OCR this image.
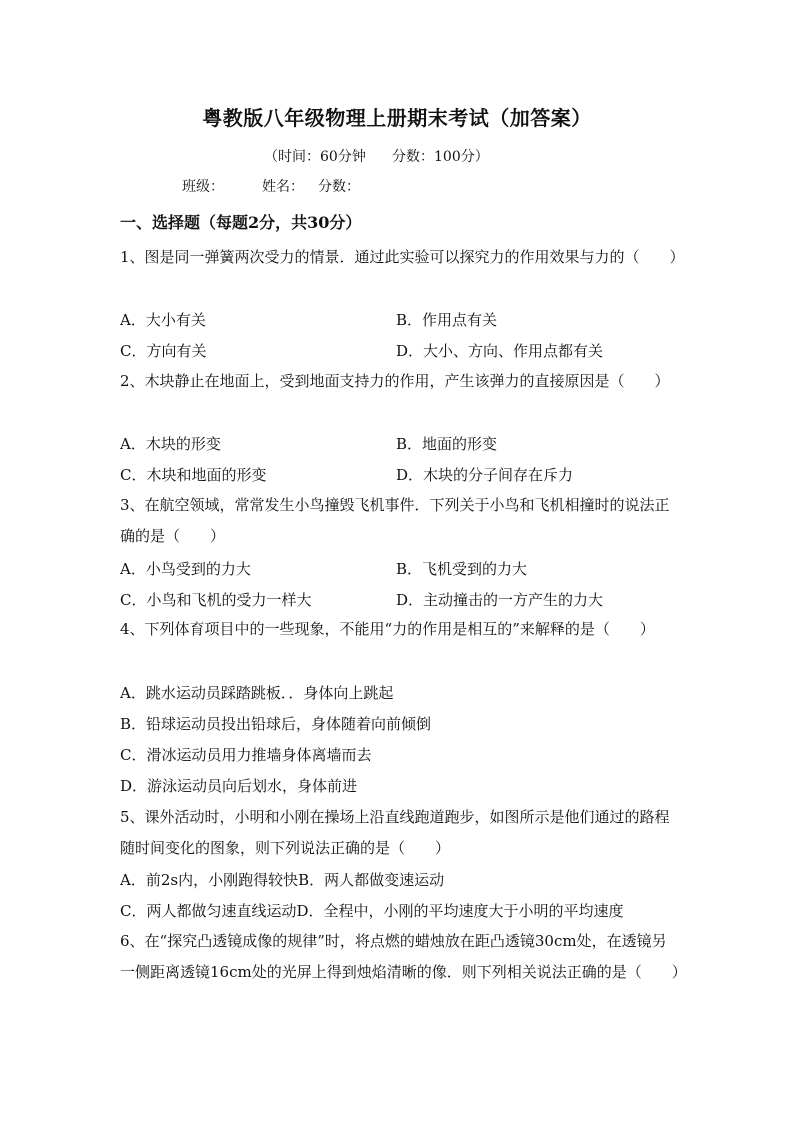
粤教版八年级物理上册期末考试（加答案）
（时间：60分钟 分数：100分）
班级：	姓名： 分数：
一、选择题（每题2分，共30分）
1、图是同一弹簧两次受力的情景．通过此实验可以探究力的作用效果与力的（　　）
A．大小有关	B．作用点有关
C．方向有关	D．大小、方向、作用点都有关
2、木块静止在地面上，受到地面支持力的作用，产生该弹力的直接原因是（　　）
A．木块的形变	B．地面的形变
C．木块和地面的形变	D．木块的分子间存在斥力
3、在航空领域，常常发生小鸟撞毁飞机事件．下列关于小鸟和飞机相撞时的说法正确的是（　　）
A．小鸟受到的力大	B．飞机受到的力大
C．小鸟和飞机的受力一样大	D．主动撞击的一方产生的力大
4、下列体育项目中的一些现象，不能用“力的作用是相互的”来解释的是（　　）
A．跳水运动员踩踏跳板．．身体向上跳起
B．铅球运动员投出铅球后，身体随着向前倾倒
C．滑冰运动员用力推墙身体离墙而去
D．游泳运动员向后划水，身体前进
5、课外活动时，小明和小刚在操场上沿直线跑道跑步，如图所示是他们通过的路程随时间变化的图象，则下列说法正确的是（　　）
A．前2s内，小刚跑得较快B．两人都做变速运动
C．两人都做匀速直线运动D．全程中，小刚的平均速度大于小明的平均速度
6、在“探究凸透镜成像的规律”时，将点燃的蜡烛放在距凸透镜30cm处，在透镜另一侧距离透镜16cm处的光屏上得到烛焰清晰的像．则下列相关说法正确的是（　　）
